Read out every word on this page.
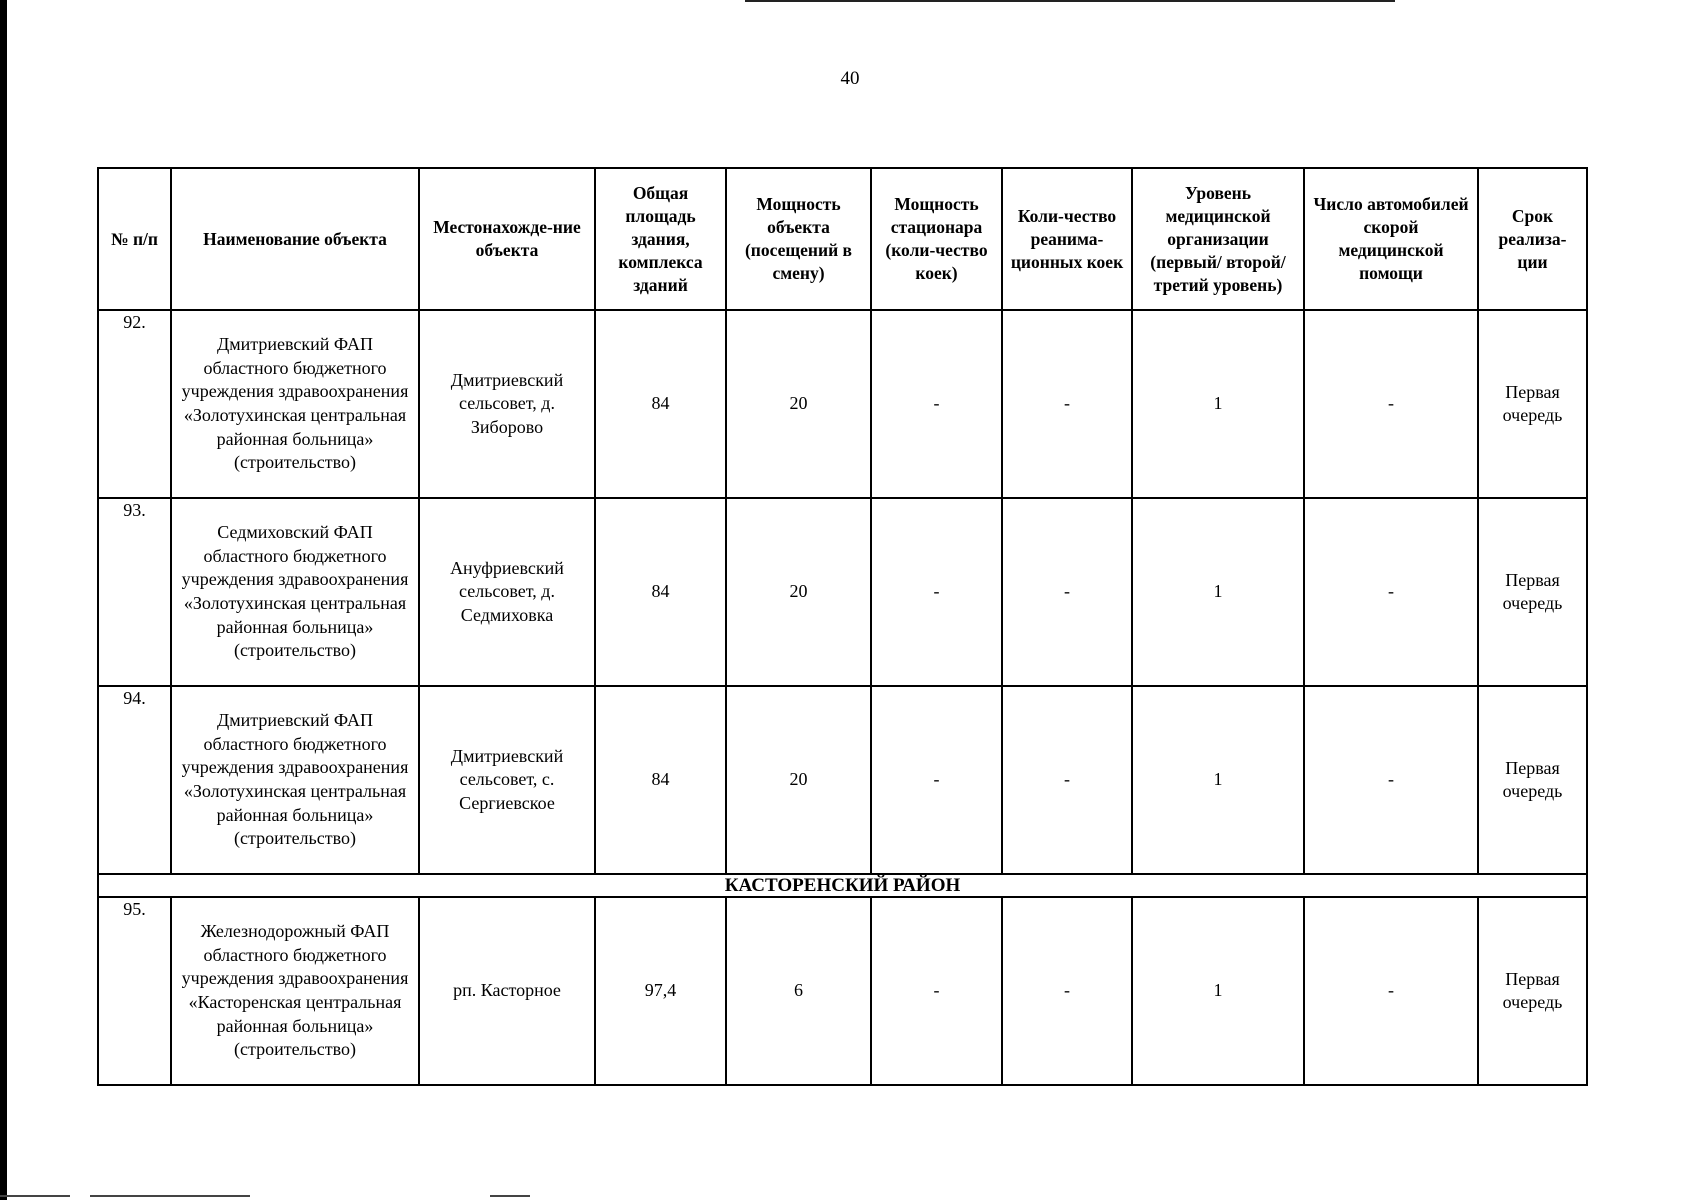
40
№ п/п	Наименование объекта	Местонахожде-ние объекта	Общая площадь здания, комплекса зданий	Мощность объекта (посещений в смену)	Мощность стационара (коли-чество коек)	Коли-чество реанима-ционных коек	Уровень медицинской организации (первый/ второй/ третий уровень)	Число автомобилей скорой медицинской помощи	Срок реализа-ции
92.	Дмитриевский ФАП областного бюджетного учреждения здравоохранения «Золотухинская центральная районная больница» (строительство)	Дмитриевский сельсовет, д. Зиборово	84	20	-	-	1	-	Первая очередь
93.	Седмиховский ФАП областного бюджетного учреждения здравоохранения «Золотухинская центральная районная больница» (строительство)	Ануфриевский сельсовет, д. Седмиховка	84	20	-	-	1	-	Первая очередь
94.	Дмитриевский ФАП областного бюджетного учреждения здравоохранения «Золотухинская центральная районная больница» (строительство)	Дмитриевский сельсовет, с. Сергиевское	84	20	-	-	1	-	Первая очередь
КАСТОРЕНСКИЙ РАЙОН									
95.	Железнодорожный ФАП областного бюджетного учреждения здравоохранения «Касторенская центральная районная больница» (строительство)	рп. Касторное	97,4	6	-	-	1	-	Первая очередь
